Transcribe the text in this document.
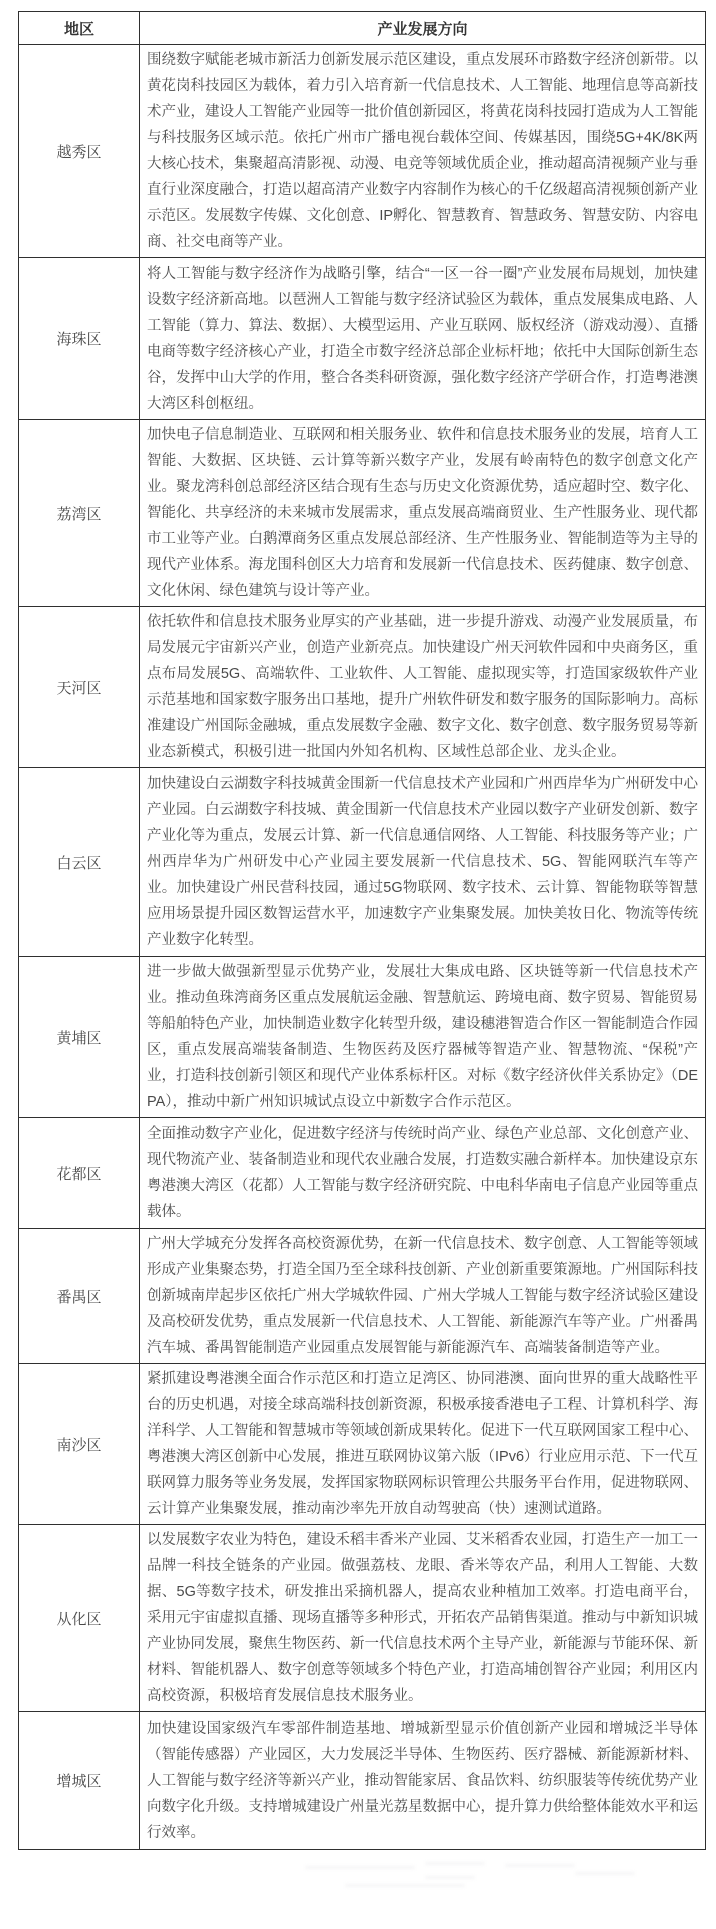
地区	产业发展方向
越秀区	围绕数字赋能老城市新活力创新发展示范区建设，重点发展环市路数字经济创新带。以黄花岗科技园区为载体，着力引入培育新一代信息技术、人工智能、地理信息等高新技术产业，建设人工智能产业园等一批价值创新园区，将黄花岗科技园打造成为人工智能与科技服务区域示范。依托广州市广播电视台载体空间、传媒基因，围绕5G+4K/8K两大核心技术，集聚超高清影视、动漫、电竞等领域优质企业，推动超高清视频产业与垂直行业深度融合，打造以超高清产业数字内容制作为核心的千亿级超高清视频创新产业示范区。发展数字传媒、文化创意、IP孵化、智慧教育、智慧政务、智慧安防、内容电商、社交电商等产业。
海珠区	将人工智能与数字经济作为战略引擎，结合“一区一谷一圈”产业发展布局规划，加快建设数字经济新高地。以琶洲人工智能与数字经济试验区为载体，重点发展集成电路、人工智能（算力、算法、数据）、大模型运用、产业互联网、版权经济（游戏动漫）、直播电商等数字经济核心产业，打造全市数字经济总部企业标杆地；依托中大国际创新生态谷，发挥中山大学的作用，整合各类科研资源，强化数字经济产学研合作，打造粤港澳大湾区科创枢纽。
荔湾区	加快电子信息制造业、互联网和相关服务业、软件和信息技术服务业的发展，培育人工智能、大数据、区块链、云计算等新兴数字产业，发展有岭南特色的数字创意文化产业。聚龙湾科创总部经济区结合现有生态与历史文化资源优势，适应超时空、数字化、智能化、共享经济的未来城市发展需求，重点发展高端商贸业、生产性服务业、现代都市工业等产业。白鹅潭商务区重点发展总部经济、生产性服务业、智能制造等为主导的现代产业体系。海龙围科创区大力培育和发展新一代信息技术、医药健康、数字创意、文化休闲、绿色建筑与设计等产业。
天河区	依托软件和信息技术服务业厚实的产业基础，进一步提升游戏、动漫产业发展质量，布局发展元宇宙新兴产业，创造产业新亮点。加快建设广州天河软件园和中央商务区，重点布局发展5G、高端软件、工业软件、人工智能、虚拟现实等，打造国家级软件产业示范基地和国家数字服务出口基地，提升广州软件研发和数字服务的国际影响力。高标准建设广州国际金融城，重点发展数字金融、数字文化、数字创意、数字服务贸易等新业态新模式，积极引进一批国内外知名机构、区域性总部企业、龙头企业。
白云区	加快建设白云湖数字科技城黄金围新一代信息技术产业园和广州西岸华为广州研发中心产业园。白云湖数字科技城、黄金围新一代信息技术产业园以数字产业研发创新、数字产业化等为重点，发展云计算、新一代信息通信网络、人工智能、科技服务等产业；广州西岸华为广州研发中心产业园主要发展新一代信息技术、5G、智能网联汽车等产业。加快建设广州民营科技园，通过5G物联网、数字技术、云计算、智能物联等智慧应用场景提升园区数智运营水平，加速数字产业集聚发展。加快美妆日化、物流等传统产业数字化转型。
黄埔区	进一步做大做强新型显示优势产业，发展壮大集成电路、区块链等新一代信息技术产业。推动鱼珠湾商务区重点发展航运金融、智慧航运、跨境电商、数字贸易、智能贸易等船舶特色产业，加快制造业数字化转型升级，建设穗港智造合作区一智能制造合作园区，重点发展高端装备制造、生物医药及医疗器械等智造产业、智慧物流、“保税”产业，打造科技创新引领区和现代产业体系标杆区。对标《数字经济伙伴关系协定》（DEPA），推动中新广州知识城试点设立中新数字合作示范区。
花都区	全面推动数字产业化，促进数字经济与传统时尚产业、绿色产业总部、文化创意产业、现代物流产业、装备制造业和现代农业融合发展，打造数实融合新样本。加快建设京东粤港澳大湾区（花都）人工智能与数字经济研究院、中电科华南电子信息产业园等重点载体。
番禺区	广州大学城充分发挥各高校资源优势，在新一代信息技术、数字创意、人工智能等领域形成产业集聚态势，打造全国乃至全球科技创新、产业创新重要策源地。广州国际科技创新城南岸起步区依托广州大学城软件园、广州大学城人工智能与数字经济试验区建设及高校研发优势，重点发展新一代信息技术、人工智能、新能源汽车等产业。广州番禺汽车城、番禺智能制造产业园重点发展智能与新能源汽车、高端装备制造等产业。
南沙区	紧抓建设粤港澳全面合作示范区和打造立足湾区、协同港澳、面向世界的重大战略性平台的历史机遇，对接全球高端科技创新资源，积极承接香港电子工程、计算机科学、海洋科学、人工智能和智慧城市等领域创新成果转化。促进下一代互联网国家工程中心、粤港澳大湾区创新中心发展，推进互联网协议第六版（IPv6）行业应用示范、下一代互联网算力服务等业务发展，发挥国家物联网标识管理公共服务平台作用，促进物联网、云计算产业集聚发展，推动南沙率先开放自动驾驶高（快）速测试道路。
从化区	以发展数字农业为特色，建设禾稻丰香米产业园、艾米稻香农业园，打造生产一加工一品牌一科技全链条的产业园。做强荔枝、龙眼、香米等农产品，利用人工智能、大数据、5G等数字技术，研发推出采摘机器人，提高农业种植加工效率。打造电商平台，采用元宇宙虚拟直播、现场直播等多种形式，开拓农产品销售渠道。推动与中新知识城产业协同发展，聚焦生物医药、新一代信息技术两个主导产业，新能源与节能环保、新材料、智能机器人、数字创意等领域多个特色产业，打造高埔创智谷产业园；利用区内高校资源，积极培育发展信息技术服务业。
增城区	加快建设国家级汽车零部件制造基地、增城新型显示价值创新产业园和增城泛半导体（智能传感器）产业园区，大力发展泛半导体、生物医药、医疗器械、新能源新材料、人工智能与数字经济等新兴产业，推动智能家居、食品饮料、纺织服装等传统优势产业向数字化升级。支持增城建设广州量光荔星数据中心，提升算力供给整体能效水平和运行效率。
